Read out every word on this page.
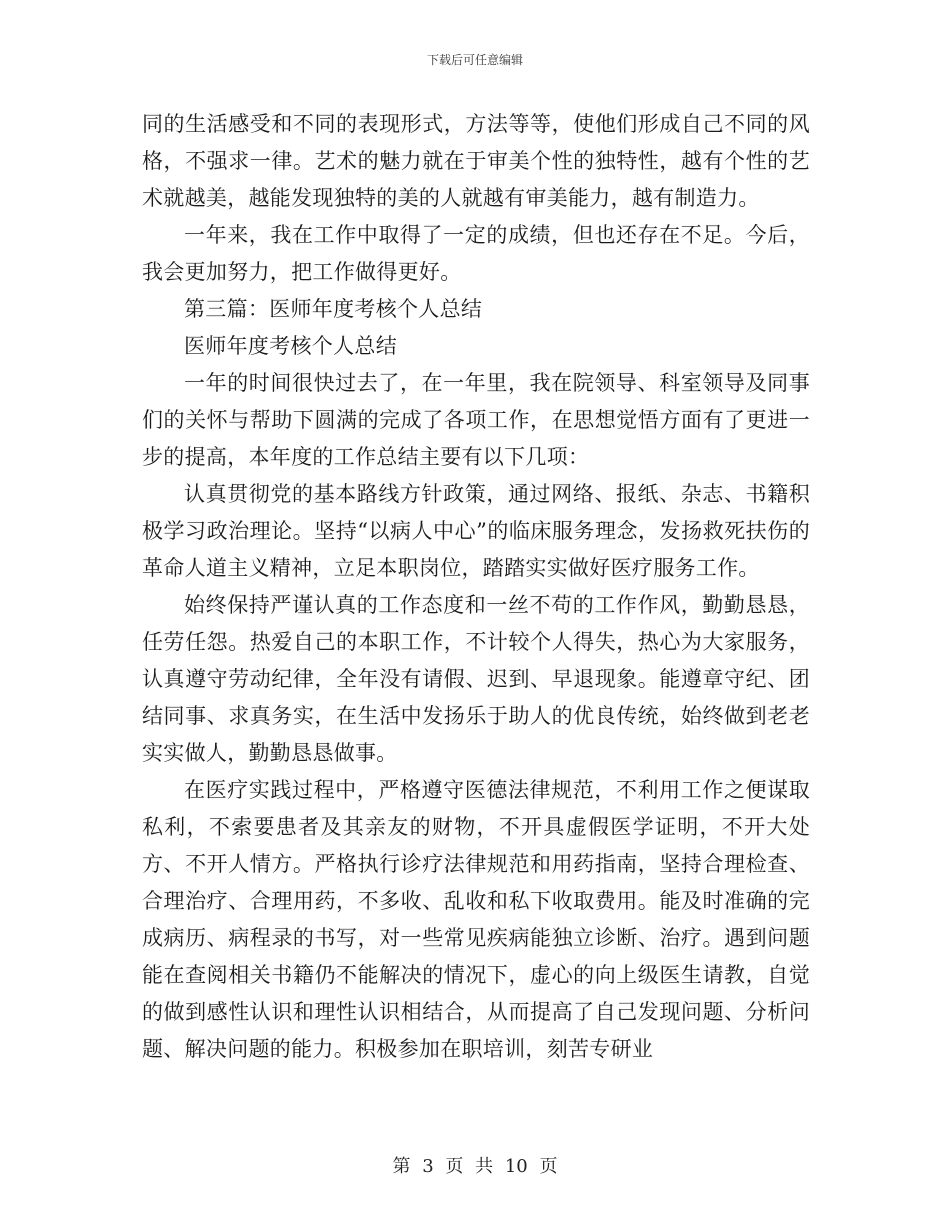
下载后可任意编辑

同的生活感受和不同的表现形式，方法等等，使他们形成自己不同的风格，不强求一律。艺术的魅力就在于审美个性的独特性，越有个性的艺术就越美，越能发现独特的美的人就越有审美能力，越有制造力。

一年来，我在工作中取得了一定的成绩，但也还存在不足。今后，我会更加努力，把工作做得更好。

第三篇：医师年度考核个人总结

医师年度考核个人总结

一年的时间很快过去了，在一年里，我在院领导、科室领导及同事们的关怀与帮助下圆满的完成了各项工作，在思想觉悟方面有了更进一步的提高，本年度的工作总结主要有以下几项：

认真贯彻党的基本路线方针政策，通过网络、报纸、杂志、书籍积极学习政治理论。坚持“以病人中心”的临床服务理念，发扬救死扶伤的革命人道主义精神，立足本职岗位，踏踏实实做好医疗服务工作。

始终保持严谨认真的工作态度和一丝不苟的工作作风，勤勤恳恳，任劳任怨。热爱自己的本职工作，不计较个人得失，热心为大家服务，认真遵守劳动纪律，全年没有请假、迟到、早退现象。能遵章守纪、团结同事、求真务实，在生活中发扬乐于助人的优良传统，始终做到老老实实做人，勤勤恳恳做事。

在医疗实践过程中，严格遵守医德法律规范，不利用工作之便谋取私利，不索要患者及其亲友的财物，不开具虚假医学证明，不开大处方、不开人情方。严格执行诊疗法律规范和用药指南，坚持合理检查、合理治疗、合理用药，不多收、乱收和私下收取费用。能及时准确的完成病历、病程录的书写，对一些常见疾病能独立诊断、治疗。遇到问题能在查阅相关书籍仍不能解决的情况下，虚心的向上级医生请教，自觉的做到感性认识和理性认识相结合，从而提高了自己发现问题、分析问题、解决问题的能力。积极参加在职培训，刻苦专研业

第 3 页 共 10 页
